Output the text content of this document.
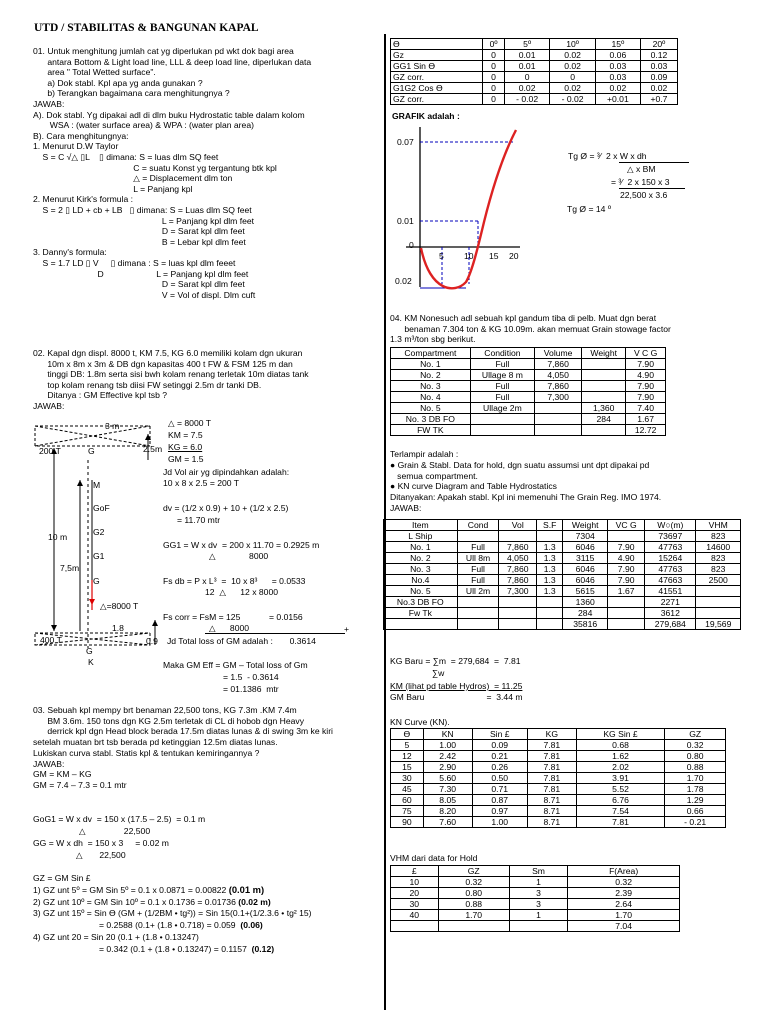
UTD / STABILITAS & BANGUNAN KAPAL
01. Untuk menghitung jumlah cat yg diperlukan pd wkt dok bagi area
antara Bottom & Light load line, LLL & deep load line, diperlukan data
area " Total Wetted surface".
a) Dok stabl. Kpl apa yg anda gunakan ?
b) Terangkan bagaimana cara menghitungnya ?
JAWAB:
A). Dok stabl. Yg dipakai adl di dlm buku Hydrostatic table dalam kolom
WSA : (water surface area) & WPA : (water plan area)
B). Cara menghitungnya:
1. Menurut D.W Taylor
S = C √△ ▯L    ▯ dimana: S = luas dlm SQ feet
C = suatu Konst yg tergantung btk kpl
△ = Displacement dlm ton
L = Panjang kpl
2. Menurut Kirk's formula :
S = 2 ▯ LD + cb + LB   ▯ dimana: S = Luas dlm SQ feet
L = Panjang kpl dlm feet
D = Sarat kpl dlm feet
B = Lebar kpl dlm feet
3. Danny's formula:
S = 1.7 LD ▯ V     ▯ dimana : S = luas kpl dlm feeet
D                      L = Panjang kpl dlm feet
D = Sarat kpl dlm feet
V = Vol of displ. Dlm cuft
02. Kapal dgn displ. 8000 t, KM 7.5, KG 6.0 memiliki kolam dgn ukuran
10m x 8m x 3m & DB dgn kapasitas 400 t FW & FSM 125 m dan
tinggi DB: 1.8m serta sisi bwh kolam renang terletak 10m diatas tank
top kolam renang tsb diisi FW setinggi 2.5m dr tanki DB.
Ditanya : GM Effective kpl tsb ?
JAWAB:
3 m
2.5m
200 T	G
10 m
7,5m
M
GoF
G2
G1
G
△=8000 T
1.8
400 T
G
K
0.9
△ = 8000 T
KM = 7.5
KG = 6.0
GM = 1.5
Jd Vol air yg dipindahkan adalah:
10 x 8 x 2.5 = 200 T
dv = (1/2 x 0.9) + 10 + (1/2 x 2.5)
= 11.70 mtr
GG1 = W x dv  = 200 x 11.70 = 0.2925 m
△              8000
Fs db = P x L³  =  10 x 8³      = 0.0533
12  △      12 x 8000
Fs corr = FsM = 125            = 0.0156
△      8000	+
Jd Total loss of GM adalah :       0.3614
Maka GM Eff = GM – Total loss of Gm
= 1.5  - 0.3614
= 01.1386  mtr
03. Sebuah kpl mempy brt benaman 22,500 tons, KG 7.3m .KM 7.4m
BM 3.6m. 150 tons dgn KG 2.5m terletak di CL di hobob dgn Heavy
derrick kpl dgn Head block berada 17.5m diatas lunas & di swing 3m ke kiri
setelah muatan brt tsb berada pd ketinggian 12.5m diatas lunas.
Lukiskan curva stabl. Statis kpl & tentukan kemiringannya ?
JAWAB:
GM = KM – KG
GM = 7.4 – 7.3 = 0.1 mtr
GoG1 = W x dv  = 150 x (17.5 – 2.5)  = 0.1 m
△                22,500
GG = W x dh  = 150 x 3     = 0.02 m
△       22,500
GZ = GM Sin £
1) GZ unt 5º = GM Sin 5º = 0.1 x 0.0871 = 0.00822 (0.01 m)
2) GZ unt 10º = GM Sin 10º = 0.1 x 0.1736 = 0.01736 (0.02 m)
3) GZ unt 15º = Sin Ө (GM + (1/2BM • tg²)) = Sin 15(0.1+(1/2.3.6 • tg² 15)
= 0.2588 (0.1+ (1.8 • 0.718) = 0.059  (0.06)
4) GZ unt 20 = Sin 20 (0.1 + (1.8 • 0.13247)
= 0.342 (0.1 + (1.8 • 0.13247) = 0.1157  (0.12)
Ө	0º	5º	10º	15º	20º
Gz	0	0.01	0.02	0.06	0.12
GG1 Sin Ө	0	0.01	0.02	0.03	0.03
GZ corr.	0	0	0	0.03	0.09
G1G2 Cos Ө	0	0.02	0.02	0.02	0.02
GZ corr.	0	- 0.02	- 0.02	+0.01	+0.7
GRAFIK adalah :
0.07
0.01
0
0.02
5 10 15 20
Tg Ø = ³⁄  2 x W x dh
△ x BM
= ³⁄  2 x 150 x 3
22,500 x 3.6
Tg Ø = 14 º
04. KM Nonesuch adl sebuah kpl gandum tiba di pelb. Muat dgn berat
benaman 7.304 ton & KG 10.09m. akan memuat Grain stowage factor
1.3 m³/ton sbg berikut.
Compartment	Condition	Volume	Weight	V C G
No. 1	Full	7,860		7.90
No. 2	Ullage 8 m	4,050		4.90
No. 3	Full	7,860		7.90
No. 4	Full	7,300		7.90
No. 5	Ullage 2m		1,360	7.40
No. 3 DB FO			284	1.67
FW TK				12.72
Terlampir adalah :
● Grain & Stabl. Data for hold, dgn suatu assumsi unt dpt dipakai pd
semua compartment.
● KN curve Diagram and Table Hydrostatics
Ditanyakan: Apakah stabl. Kpl ini memenuhi The Grain Reg. IMO 1974.
JAWAB:
Item	Cond	Vol	S.F	Weight	VC G	W○(m)	VHM
L Ship				7304		73697	823
No. 1	Full	7,860	1.3	6046	7.90	47763	14600
No. 2	Ull 8m	4,050	1.3	3115	4.90	15264	823
No. 3	Full	7,860	1.3	6046	7.90	47763	823
No.4	Full	7,860	1.3	6046	7.90	47663	2500
No. 5	Ull 2m	7,300	1.3	5615	1.67	41551	
No.3 DB FO				1360		2271	
Fw Tk				284		3612	
				35816		279,684	19,569
KG Baru = ∑m  = 279,684  =  7.81
∑w
KM (lihat pd table Hydros)  = 11.25
GM Baru                          =  3.44 m
KN Curve (KN).
Ө	KN	Sin £	KG	KG Sin £	GZ
5	1.00	0.09	7.81	0.68	0.32
12	2.42	0.21	7.81	1.62	0.80
15	2.90	0.26	7.81	2.02	0.88
30	5.60	0.50	7.81	3.91	1.70
45	7.30	0.71	7.81	5.52	1.78
60	8.05	0.87	8.71	6.76	1.29
75	8.20	0.97	8.71	7.54	0.66
90	7.60	1.00	8.71	7.81	- 0.21
VHM dari data for Hold
£	GZ	Sm	F(Area)
10	0.32	1	0.32
20	0.80	3	2.39
30	0.88	3	2.64
40	1.70	1	1.70
			7.04
